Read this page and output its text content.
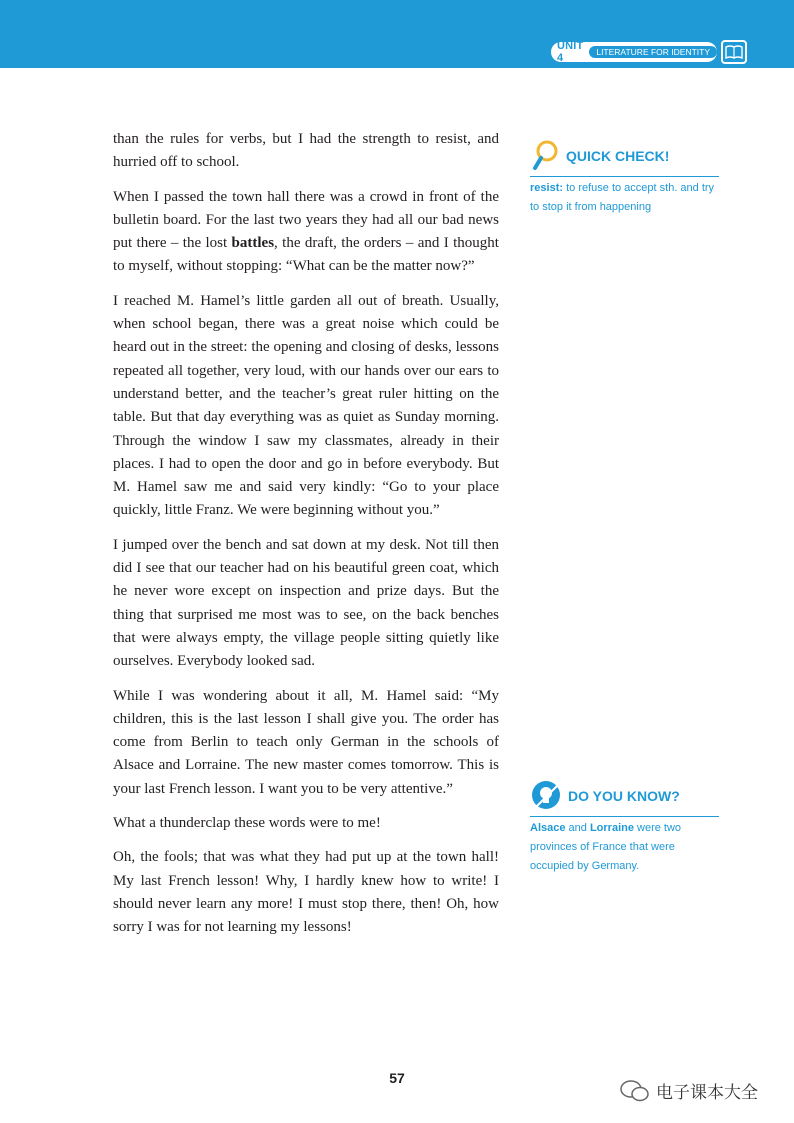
UNIT 4	LITERATURE FOR IDENTITY

than the rules for verbs, but I had the strength to resist, and hurried off to school.

When I passed the town hall there was a crowd in front of the bulletin board. For the last two years they had all our bad news put there – the lost battles, the draft, the orders – and I thought to myself, without stopping: “What can be the matter now?”

I reached M. Hamel’s little garden all out of breath. Usually, when school began, there was a great noise which could be heard out in the street: the opening and closing of desks, lessons repeated all together, very loud, with our hands over our ears to understand better, and the teacher’s great ruler hitting on the table. But that day everything was as quiet as Sunday morning. Through the window I saw my classmates, already in their places. I had to open the door and go in before everybody. But M. Hamel saw me and said very kindly: “Go to your place quickly, little Franz. We were beginning without you.”

I jumped over the bench and sat down at my desk. Not till then did I see that our teacher had on his beautiful green coat, which he never wore except on inspection and prize days. But the thing that surprised me most was to see, on the back benches that were always empty, the village people sitting quietly like ourselves. Everybody looked sad.

While I was wondering about it all, M. Hamel said: “My children, this is the last lesson I shall give you. The order has come from Berlin to teach only German in the schools of Alsace and Lorraine. The new master comes tomorrow. This is your last French lesson. I want you to be very attentive.”

What a thunderclap these words were to me!

Oh, the fools; that was what they had put up at the town hall! My last French lesson! Why, I hardly knew how to write! I should never learn any more! I must stop there, then! Oh, how sorry I was for not learning my lessons!

QUICK CHECK!
resist: to refuse to accept sth. and try to stop it from happening
DO YOU KNOW?
Alsace and Lorraine were two provinces of France that were occupied by Germany.
57
电子课本大全
